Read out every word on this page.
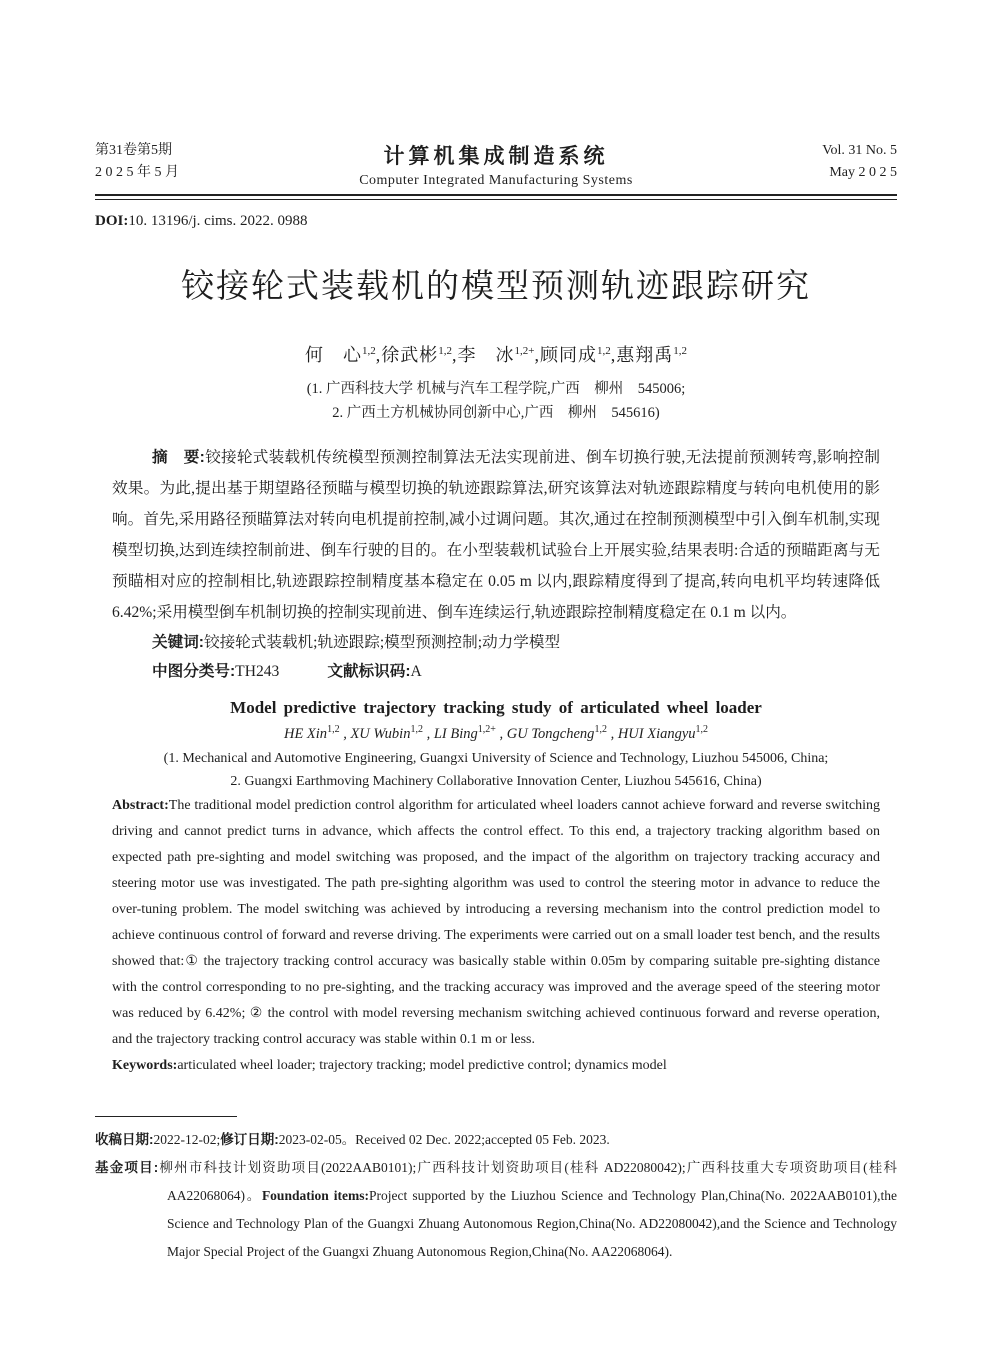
第31卷第5期
2 0 2 5 年 5 月
计算机集成制造系统
Computer Integrated Manufacturing Systems
Vol. 31 No. 5
May 2 0 2 5
DOI:10. 13196/j. cims. 2022. 0988
铰接轮式装载机的模型预测轨迹跟踪研究
何　心$^{1,2}$,徐武彬$^{1,2}$,李　冰$^{1,2+}$,顾同成$^{1,2}$,惠翔禹$^{1,2}$
(1. 广西科技大学 机械与汽车工程学院,广西　柳州　545006;
2. 广西土方机械协同创新中心,广西　柳州　545616)

摘　要:铰接轮式装载机传统模型预测控制算法无法实现前进、倒车切换行驶,无法提前预测转弯,影响控制效果。为此,提出基于期望路径预瞄与模型切换的轨迹跟踪算法,研究该算法对轨迹跟踪精度与转向电机使用的影响。首先,采用路径预瞄算法对转向电机提前控制,减小过调问题。其次,通过在控制预测模型中引入倒车机制,实现模型切换,达到连续控制前进、倒车行驶的目的。在小型装载机试验台上开展实验,结果表明:合适的预瞄距离与无预瞄相对应的控制相比,轨迹跟踪控制精度基本稳定在 0.05 m 以内,跟踪精度得到了提高,转向电机平均转速降低 6.42%;采用模型倒车机制切换的控制实现前进、倒车连续运行,轨迹跟踪控制精度稳定在 0.1 m 以内。

关键词:铰接轮式装载机;轨迹跟踪;模型预测控制;动力学模型

中图分类号:TH243	文献标识码:A

Model predictive trajectory tracking study of articulated wheel loader
HE Xin$^{1,2}$ , XU Wubin$^{1,2}$ , LI Bing$^{1,2+}$ , GU Tongcheng$^{1,2}$ , HUI Xiangyu$^{1,2}$
(1. Mechanical and Automotive Engineering, Guangxi University of Science and Technology, Liuzhou 545006, China;
2. Guangxi Earthmoving Machinery Collaborative Innovation Center, Liuzhou 545616, China)

Abstract:The traditional model prediction control algorithm for articulated wheel loaders cannot achieve forward and reverse switching driving and cannot predict turns in advance, which affects the control effect. To this end, a trajectory tracking algorithm based on expected path pre-sighting and model switching was proposed, and the impact of the algorithm on trajectory tracking accuracy and steering motor use was investigated. The path pre-sighting algorithm was used to control the steering motor in advance to reduce the over-tuning problem. The model switching was achieved by introducing a reversing mechanism into the control prediction model to achieve continuous control of forward and reverse driving. The experiments were carried out on a small loader test bench, and the results showed that:① the trajectory tracking control accuracy was basically stable within 0.05m by comparing suitable pre-sighting distance with the control corresponding to no pre-sighting, and the tracking accuracy was improved and the average speed of the steering motor was reduced by 6.42%; ② the control with model reversing mechanism switching achieved continuous forward and reverse operation, and the trajectory tracking control accuracy was stable within 0.1 m or less.

Keywords:articulated wheel loader; trajectory tracking; model predictive control; dynamics model

收稿日期:2022-12-02;修订日期:2023-02-05。Received 02 Dec. 2022;accepted 05 Feb. 2023.
基金项目:柳州市科技计划资助项目(2022AAB0101);广西科技计划资助项目(桂科 AD22080042);广西科技重大专项资助项目(桂科AA22068064)。Foundation items:Project supported by the Liuzhou Science and Technology Plan,China(No. 2022AAB0101),the Science and Technology Plan of the Guangxi Zhuang Autonomous Region,China(No. AD22080042),and the Science and Technology Major Special Project of the Guangxi Zhuang Autonomous Region,China(No. AA22068064).
